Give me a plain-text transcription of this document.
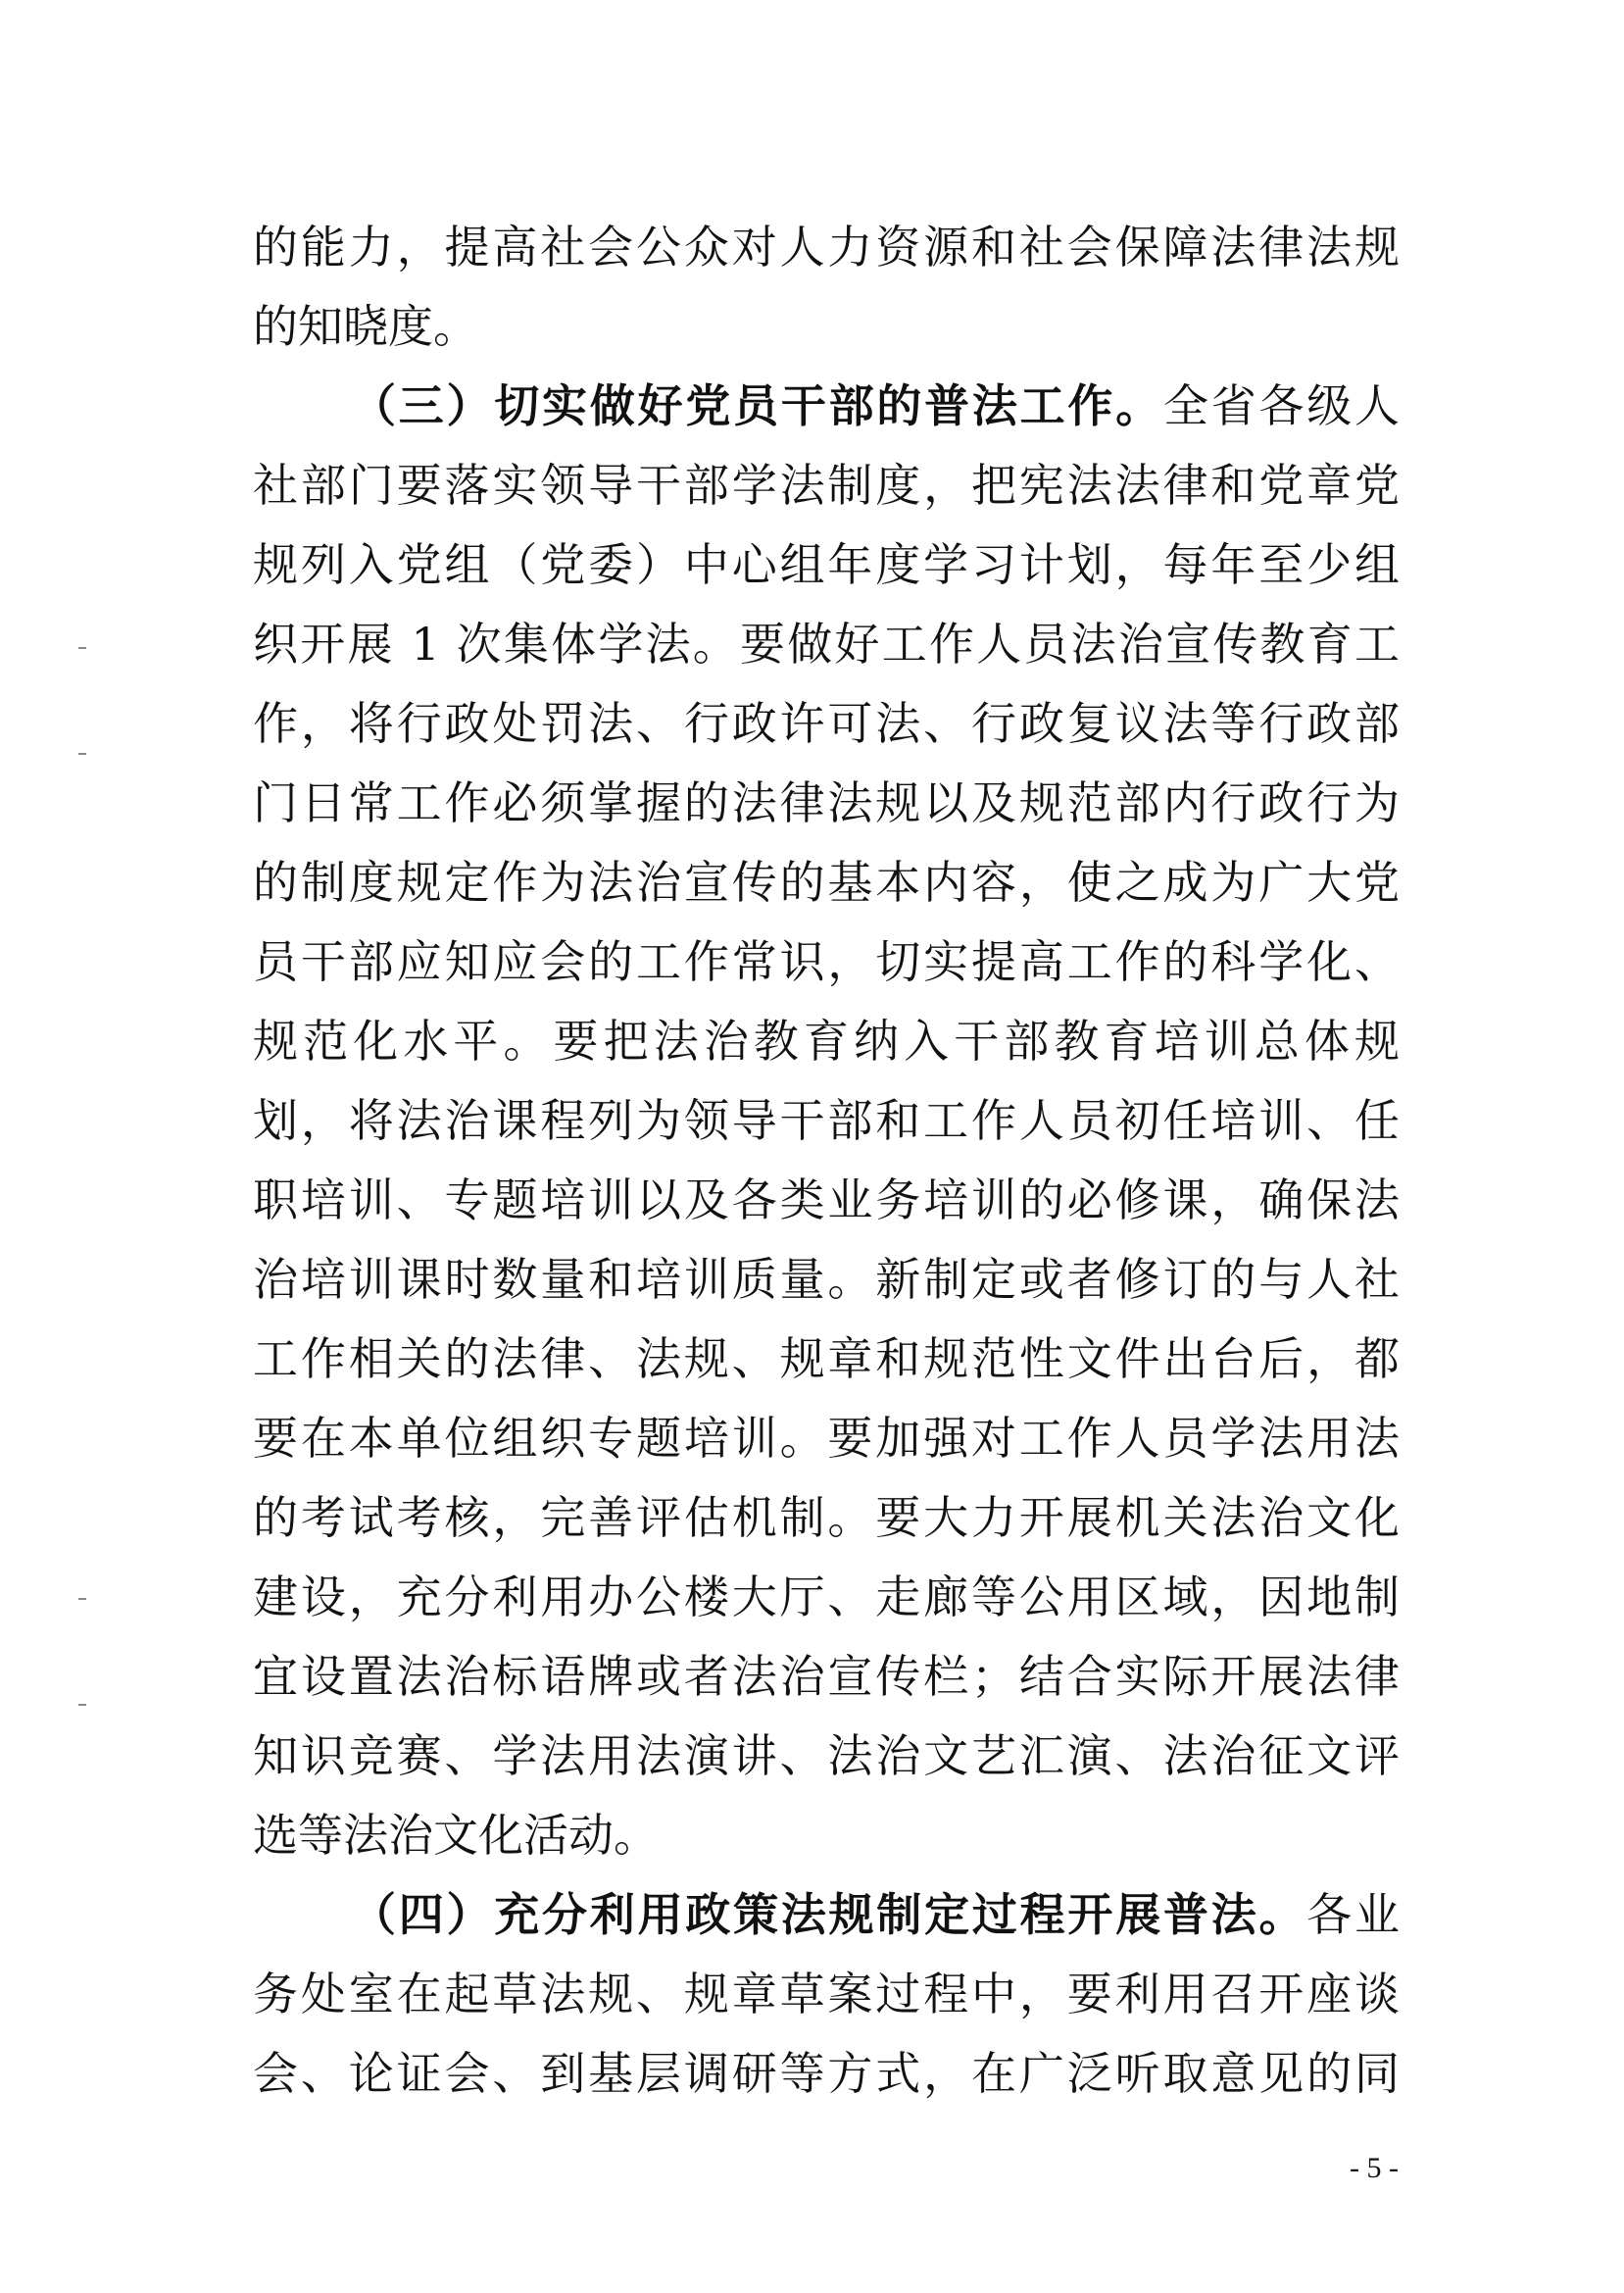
的能力，提高社会公众对人力资源和社会保障法律法规
的知晓度。
（三）切实做好党员干部的普法工作。全省各级人
社部门要落实领导干部学法制度，把宪法法律和党章党
规列入党组（党委）中心组年度学习计划，每年至少组
织开展 1 次集体学法。要做好工作人员法治宣传教育工
作，将行政处罚法、行政许可法、行政复议法等行政部
门日常工作必须掌握的法律法规以及规范部内行政行为
的制度规定作为法治宣传的基本内容，使之成为广大党
员干部应知应会的工作常识，切实提高工作的科学化、
规范化水平。要把法治教育纳入干部教育培训总体规
划，将法治课程列为领导干部和工作人员初任培训、任
职培训、专题培训以及各类业务培训的必修课，确保法
治培训课时数量和培训质量。新制定或者修订的与人社
工作相关的法律、法规、规章和规范性文件出台后，都
要在本单位组织专题培训。要加强对工作人员学法用法
的考试考核，完善评估机制。要大力开展机关法治文化
建设，充分利用办公楼大厅、走廊等公用区域，因地制
宜设置法治标语牌或者法治宣传栏；结合实际开展法律
知识竞赛、学法用法演讲、法治文艺汇演、法治征文评
选等法治文化活动。
（四）充分利用政策法规制定过程开展普法。各业
务处室在起草法规、规章草案过程中，要利用召开座谈
会、论证会、到基层调研等方式，在广泛听取意见的同
- 5 -
